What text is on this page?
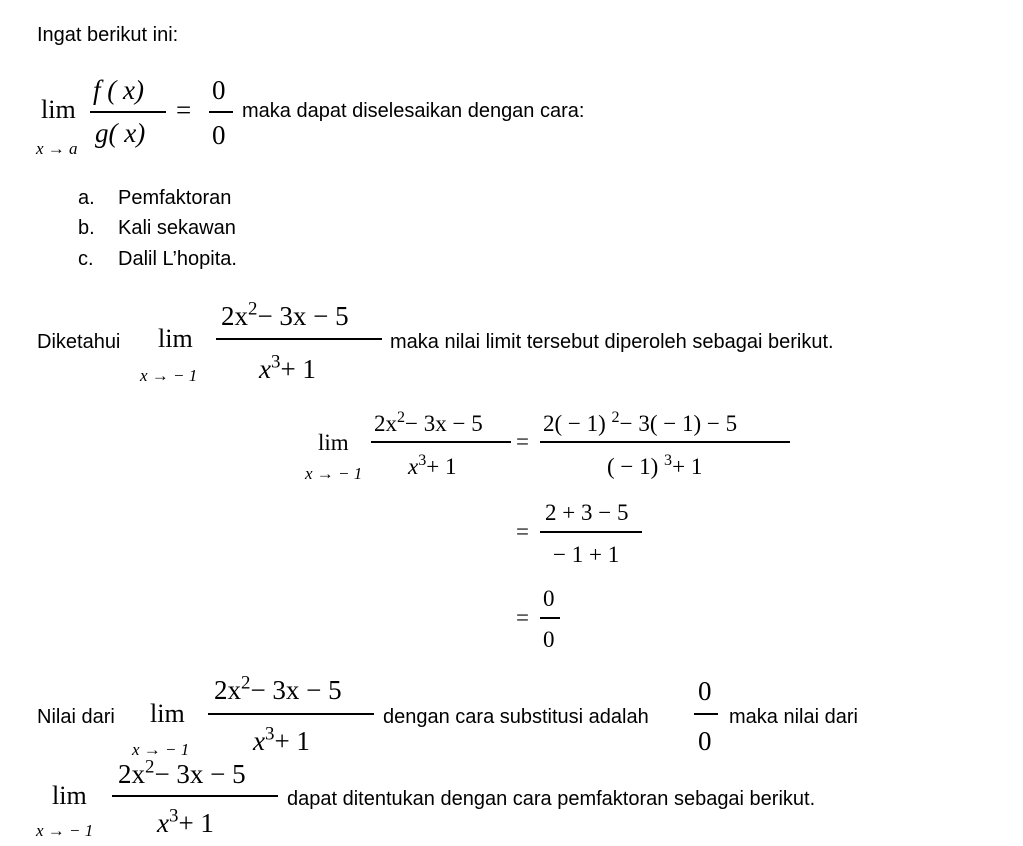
Ingat berikut ini:
lim
x → a
f ( x)
g( x)
=
0
0
maka dapat diselesaikan dengan cara:
a. Pemfaktoran
b. Kali sekawan
c. Dalil L’hopita.
Diketahui lim
x → − 1
$2x^2- 3x - 5$
$x^3+ 1$
maka nilai limit tersebut diperoleh sebagai berikut.
lim
x → − 1
$2x^2- 3x - 5$
$x^3+ 1$
=
2( − 1) $^2$− 3( − 1) − 5
( − 1) $^3$+ 1
=
2 + 3 − 5
− 1 + 1
=
0
0
Nilai dari lim
x → − 1
$2x^2- 3x - 5$
$x^3+ 1$
dengan cara substitusi adalah
0
0
maka nilai dari
lim
x → − 1
$2x^2- 3x - 5$
$x^3+ 1$
dapat ditentukan dengan cara pemfaktoran sebagai berikut.
